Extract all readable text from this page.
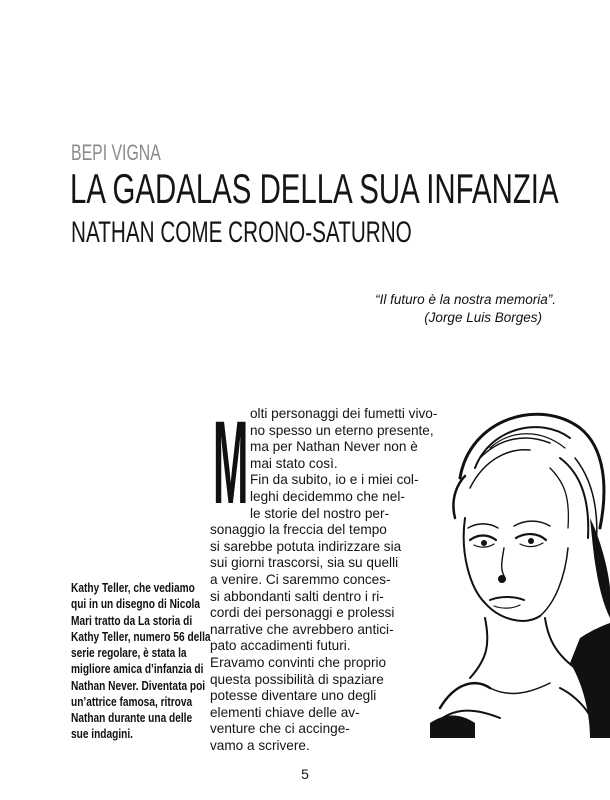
BEPI VIGNA
LA GADALAS DELLA SUA INFANZIA
NATHAN COME CRONO-SATURNO
“Il futuro è la nostra memoria”.
(Jorge Luis Borges)
Kathy Teller, che vediamo
qui in un disegno di Nicola
Mari tratto da La storia di
Kathy Teller, numero 56 della
serie regolare, è stata la
migliore amica d’infanzia di
Nathan Never. Diventata poi
un’attrice famosa, ritrova
Nathan durante una delle
sue indagini.
M olti personaggi dei fumetti vivo-
no spesso un eterno presente,
ma per Nathan Never non è
mai stato così.
Fin da subito, io e i miei col-
leghi decidemmo che nel-
le storie del nostro per-
sonaggio la freccia del tempo
si sarebbe potuta indirizzare sia
sui giorni trascorsi, sia su quelli
a venire. Ci saremmo conces-
si abbondanti salti dentro i ri-
cordi dei personaggi e prolessi
narrative che avrebbero antici-
pato accadimenti futuri.
Eravamo convinti che proprio
questa possibilità di spaziare
potesse diventare uno degli
elementi chiave delle av-
venture che ci accinge-
vamo a scrivere.
5
